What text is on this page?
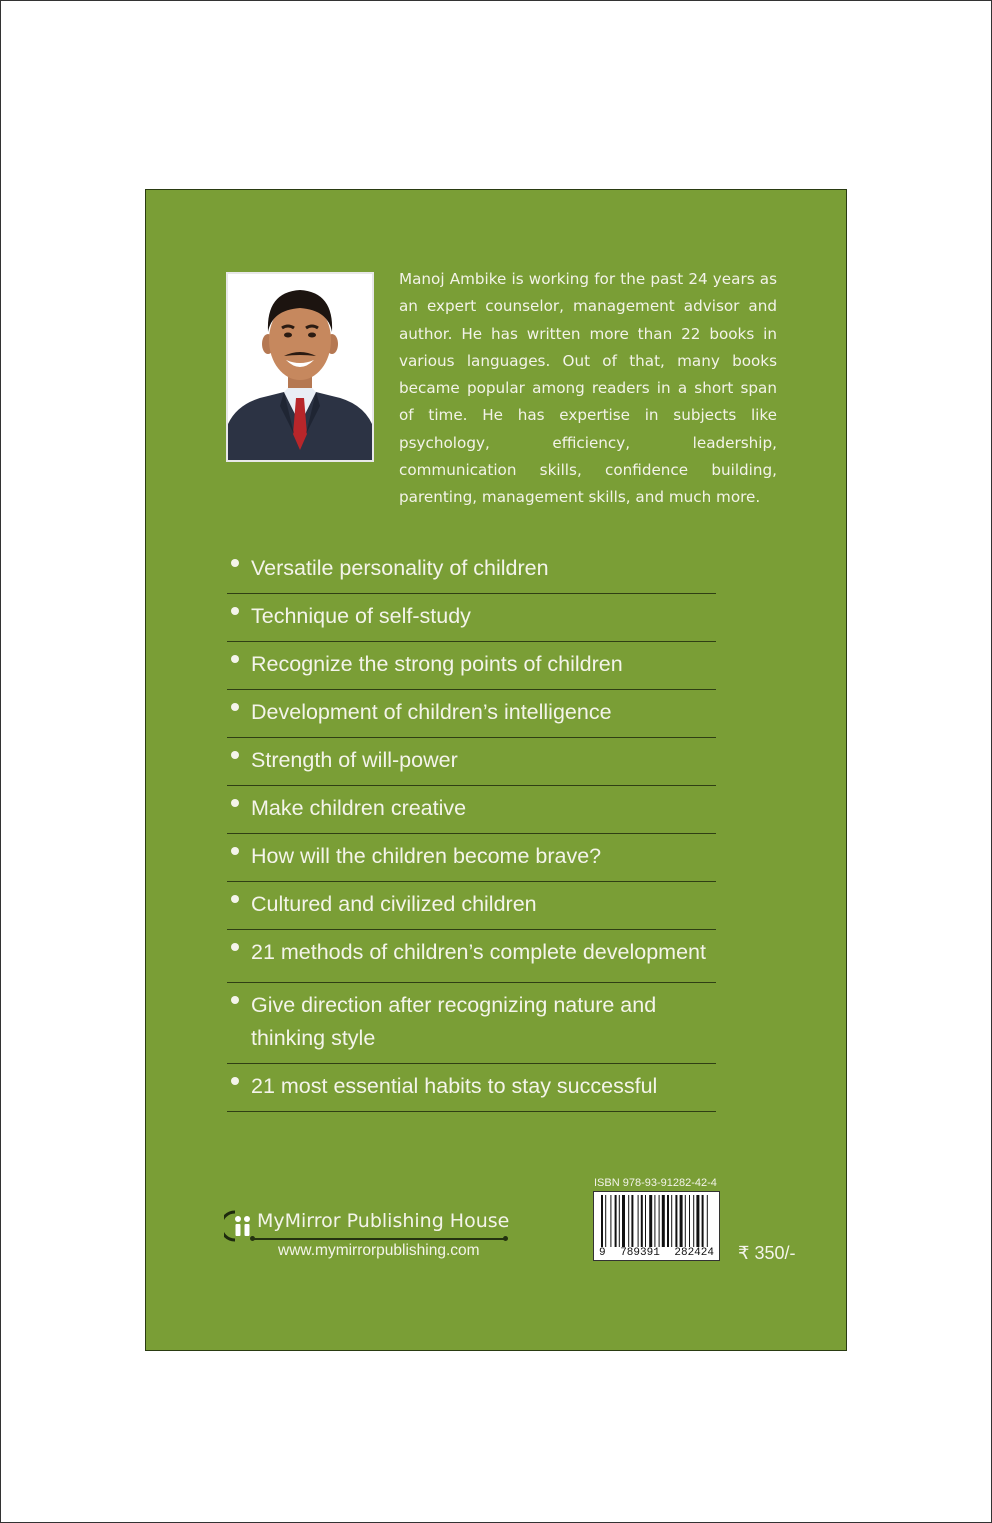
Manoj Ambike is working for the past 24 years as an expert counselor, management advisor and author. He has written more than 22 books in various languages. Out of that, many books became popular among readers in a short span of time. He has expertise in subjects like psychology, efficiency, leadership, communication skills, confidence building, parenting, management skills, and much more.

Versatile personality of children
Technique of self-study
Recognize the strong points of children
Development of children’s intelligence
Strength of will-power
Make children creative
How will the children become brave?
Cultured and civilized children
21 methods of children’s complete development
Give direction after recognizing nature and thinking style
21 most essential habits to stay successful
MyMirror Publishing House
www.mymirrorpublishing.com
ISBN 978-93-91282-42-4
9 789391 282424 ₹ 350/-
